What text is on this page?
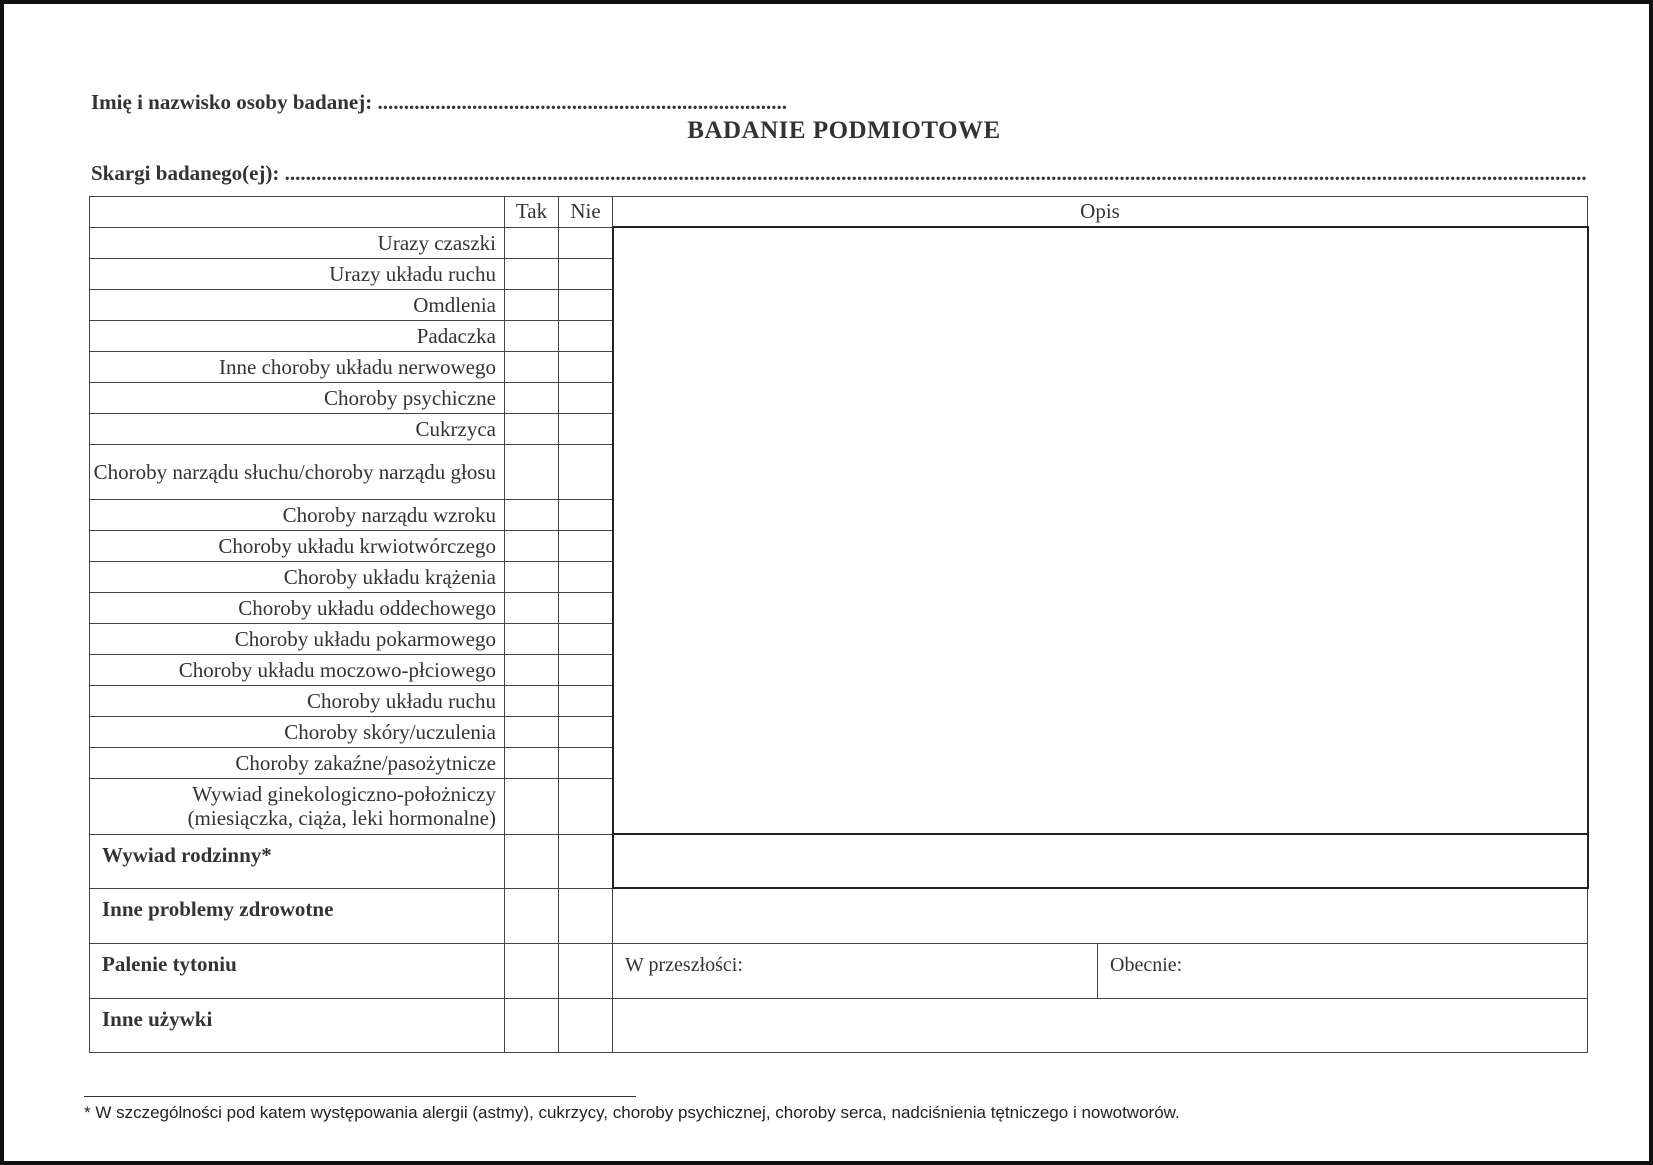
Imię i nazwisko osoby badanej: ..............................................................................
BADANIE PODMIOTOWE
Skargi badanego(ej): ........................................................................................................................................................................................................................................................
	Tak	Nie	Opis	
Urazy czaszki				
Urazy układu ruchu				
Omdlenia				
Padaczka				
Inne choroby układu nerwowego				
Choroby psychiczne				
Cukrzyca				
Choroby narządu słuchu/choroby narządu głosu				
Choroby narządu wzroku				
Choroby układu krwiotwórczego				
Choroby układu krążenia				
Choroby układu oddechowego				
Choroby układu pokarmowego				
Choroby układu moczowo-płciowego				
Choroby układu ruchu				
Choroby skóry/uczulenia				
Choroby zakaźne/pasożytnicze				
Wywiad ginekologiczno-położniczy (miesiączka, ciąża, leki hormonalne)				
Wywiad rodzinny*				
Inne problemy zdrowotne				
Palenie tytoniu			W przeszłości:	Obecnie:
Inne używki				
* W szczególności pod katem występowania alergii (astmy), cukrzycy, choroby psychicznej, choroby serca, nadciśnienia tętniczego i nowotworów.
